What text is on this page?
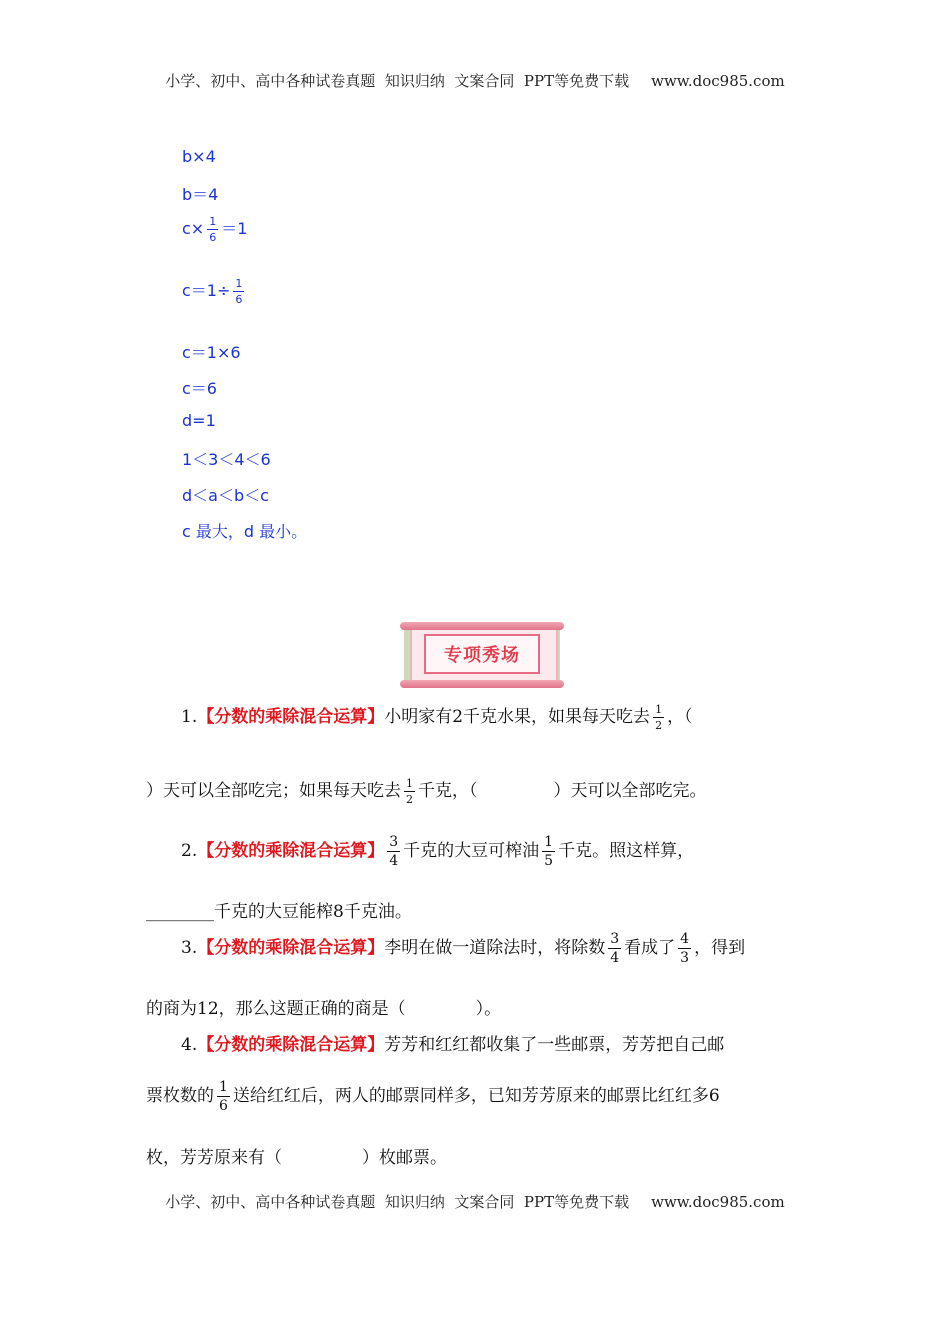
小学、初中、高中各种试卷真题  知识归纳  文案合同  PPT等免费下载 www.doc985.com
b×4
b＝4
$c\times \frac{1}{6} =1$
$c=1\div \frac{1}{6}$
c＝1×6
c＝6
d=1
1＜3＜4＜6
d＜a＜b＜c
c 最大，d 最小。
专项秀场
1.【分数的乘除混合运算】小明家有2千克水果，如果每天吃去 $\frac{1}{2}$ ，（
）天可以全部吃完；如果每天吃去 $\frac{1}{2}$ 千克，（	）天可以全部吃完。
2.【分数的乘除混合运算】 $\frac{3}{4}$ 千克的大豆可榨油 $\frac{1}{5}$ 千克。照这样算，
________千克的大豆能榨8千克油。
3.【分数的乘除混合运算】李明在做一道除法时，将除数 $\frac{3}{4}$ 看成了 $\frac{4}{3}$ ，得到
的商为12，那么这题正确的商是（	）。
4.【分数的乘除混合运算】芳芳和红红都收集了一些邮票，芳芳把自己邮
票枚数的 $\frac{1}{6}$ 送给红红后，两人的邮票同样多，已知芳芳原来的邮票比红红多6
枚，芳芳原来有（	）枚邮票。
小学、初中、高中各种试卷真题  知识归纳  文案合同  PPT等免费下载 www.doc985.com
